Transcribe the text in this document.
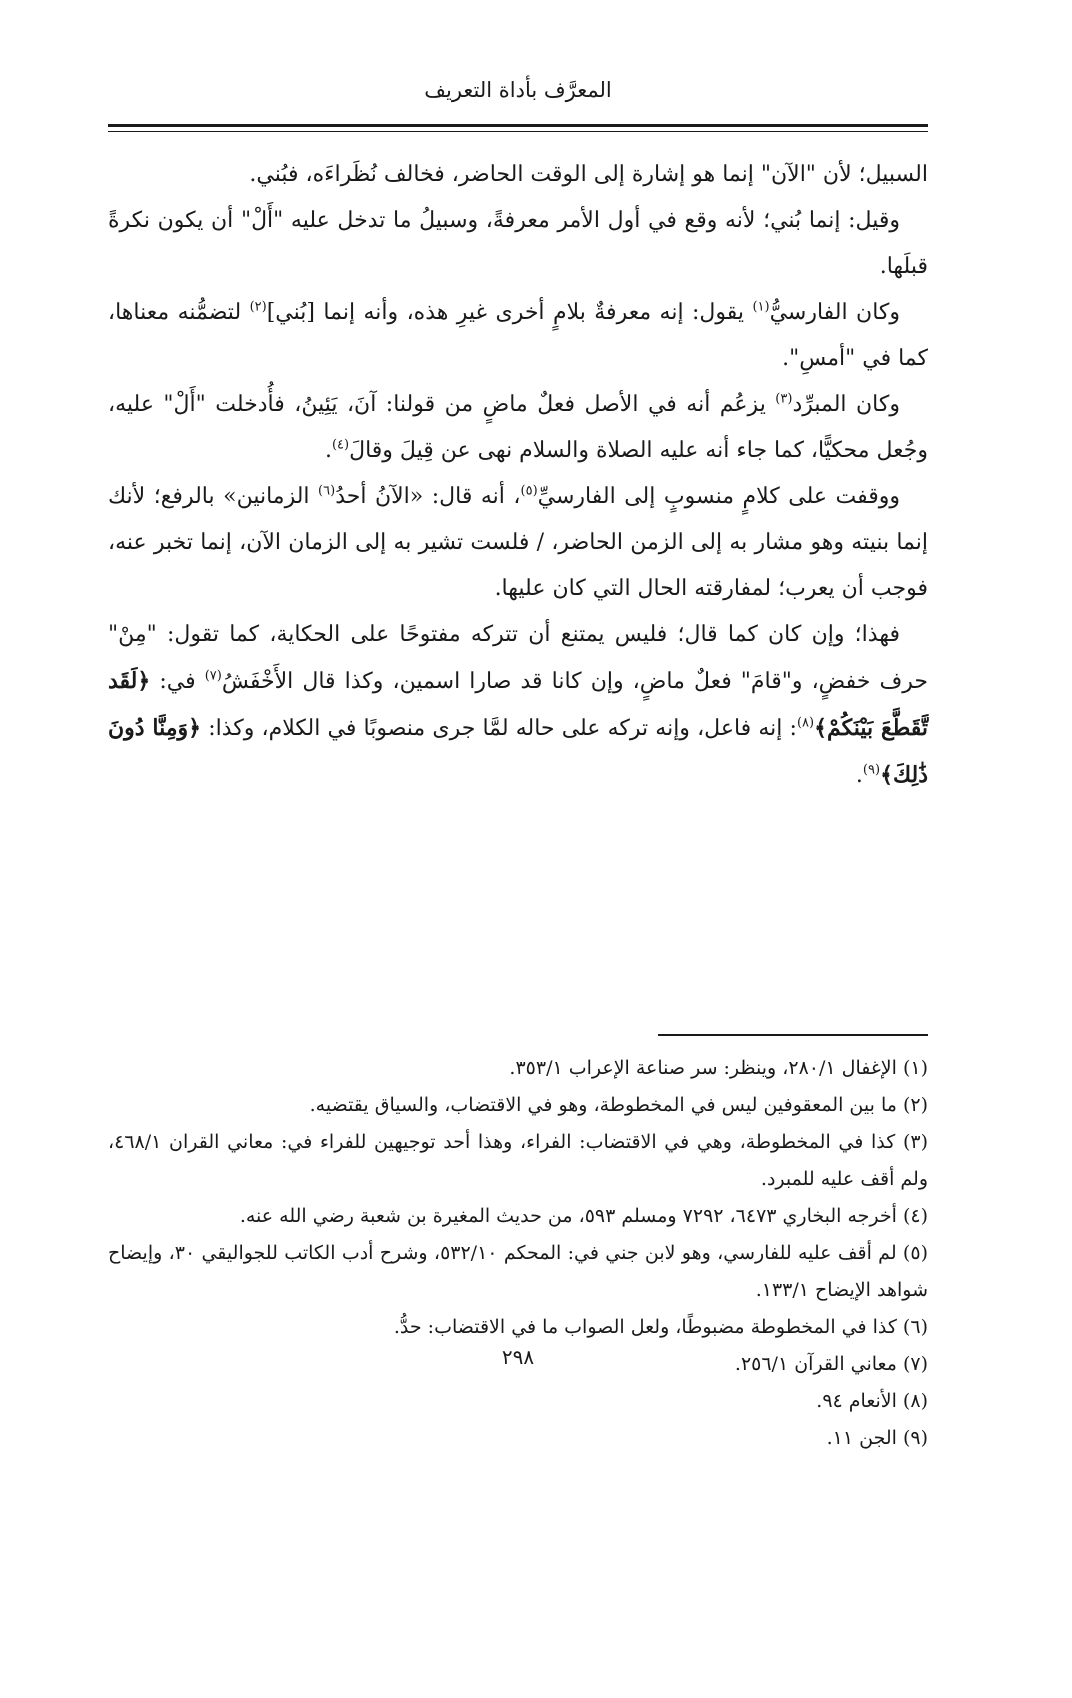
المعرَّف بأداة التعريف

السبيل؛ لأن "الآن" إنما هو إشارة إلى الوقت الحاضر، فخالف نُظَراءَه، فبُني.

وقيل: إنما بُني؛ لأنه وقع في أول الأمر معرفةً، وسبيلُ ما تدخل عليه "أَلْ" أن يكون نكرةً قبلَها.

وكان الفارسيُّ$^{(١)}$ يقول: إنه معرفةٌ بلامٍ أخرى غيرِ هذه، وأنه إنما [بُني]$^{(٢)}$ لتضمُّنه معناها، كما في "أمسِ".

وكان المبرِّد$^{(٣)}$ يزعُم أنه في الأصل فعلٌ ماضٍ من قولنا: آنَ، يَئِينُ، فأُدخلت "أَلْ" عليه، وجُعل محكيًّا، كما جاء أنه عليه الصلاة والسلام نهى عن قِيلَ وقالَ$^{(٤)}$.

ووقفت على كلامٍ منسوبٍ إلى الفارسيِّ$^{(٥)}$، أنه قال: «الآنُ أحدُ$^{(٦)}$ الزمانين» بالرفع؛ لأنك إنما بنيته وهو مشار به إلى الزمن الحاضر، / فلست تشير به إلى الزمان الآن، إنما تخبر عنه، فوجب أن يعرب؛ لمفارقته الحال التي كان عليها.

فهذا؛ وإن كان كما قال؛ فليس يمتنع أن تتركه مفتوحًا على الحكاية، كما تقول: "مِنْ" حرف خفضٍ، و"قامَ" فعلٌ ماضٍ، وإن كانا قد صارا اسمين، وكذا قال الأَخْفَشُ$^{(٧)}$ في: ﴿لَقَد تَّقَطَّعَ بَيْنَكُمْ﴾$^{(٨)}$: إنه فاعل، وإنه تركه على حاله لمَّا جرى منصوبًا في الكلام، وكذا: ﴿وَمِنَّا دُونَ ذَٰلِكَ﴾$^{(٩)}$.

(١) الإغفال ٢٨٠/١، وينظر: سر صناعة الإعراب ٣٥٣/١.

(٢) ما بين المعقوفين ليس في المخطوطة، وهو في الاقتضاب، والسياق يقتضيه.

(٣) كذا في المخطوطة، وهي في الاقتضاب: الفراء، وهذا أحد توجيهين للفراء في: معاني القران ٤٦٨/١، ولم أقف عليه للمبرد.

(٤) أخرجه البخاري ٦٤٧٣، ٧٢٩٢ ومسلم ٥٩٣، من حديث المغيرة بن شعبة رضي الله عنه.

(٥) لم أقف عليه للفارسي، وهو لابن جني في: المحكم ٥٣٢/١٠، وشرح أدب الكاتب للجواليقي ٣٠، وإيضاح شواهد الإيضاح ١٣٣/١.

(٦) كذا في المخطوطة مضبوطًا، ولعل الصواب ما في الاقتضاب: حدُّ.

(٧) معاني القرآن ٢٥٦/١.

(٨) الأنعام ٩٤.

(٩) الجن ١١.

٢٩٨
